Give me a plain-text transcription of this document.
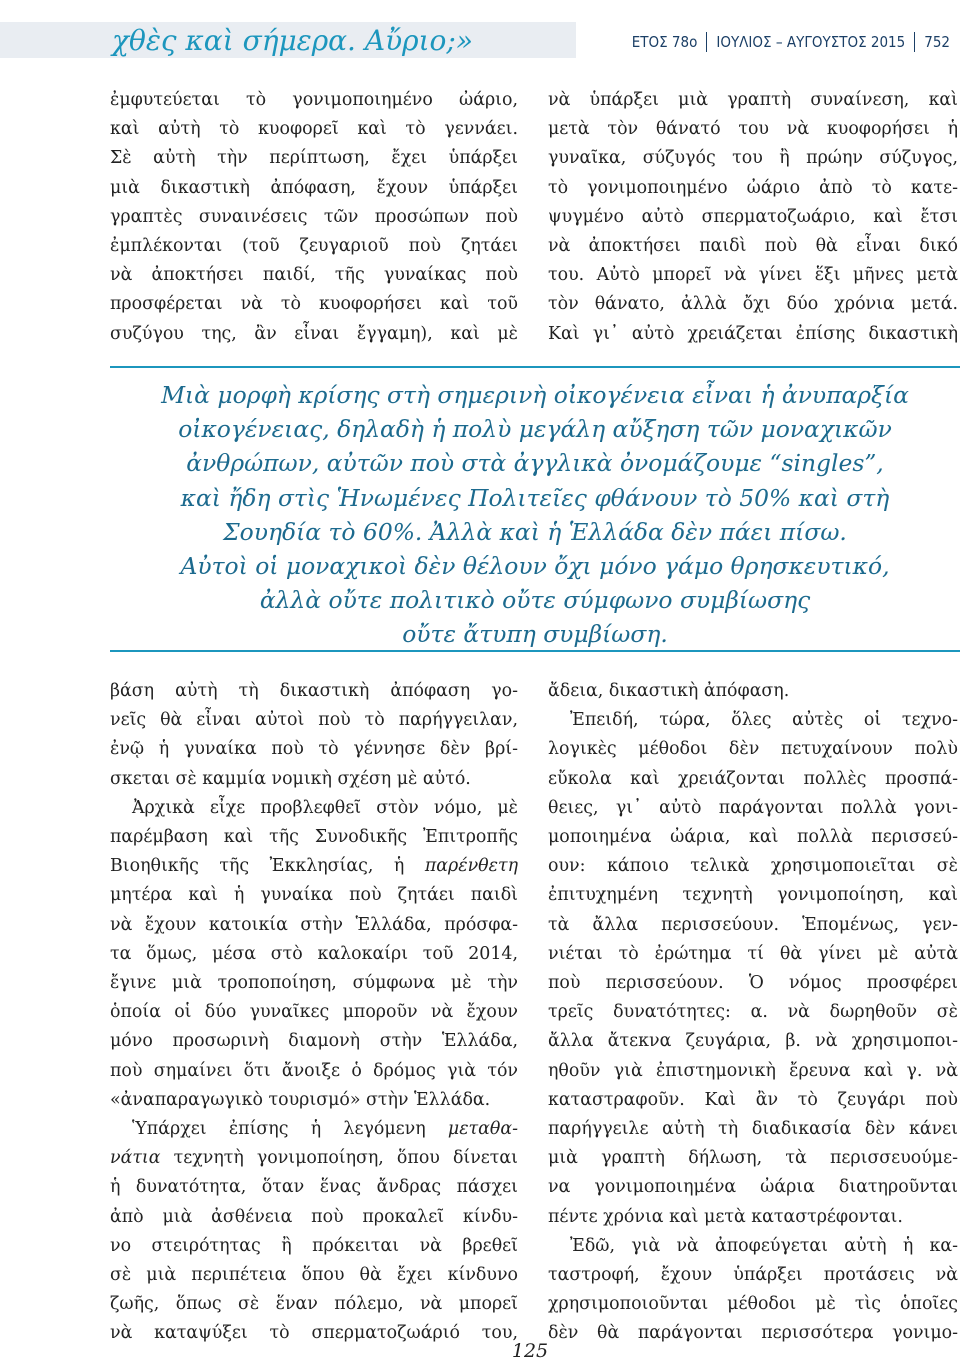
χθὲς καὶ σήμερα. Αὔριο;»	ΕΤΟΣ 78ο ΙΟΥΛΙΟΣ – ΑΥΓΟΥΣΤΟΣ 2015 752
ἐμφυτεύεται τὸ γονιμοποιημένο ὠάριο,
καὶ αὐτὴ τὸ κυοφορεῖ καὶ τὸ γεννάει.
Σὲ αὐτὴ τὴν περίπτωση, ἔχει ὑπάρξει
μιὰ δικαστικὴ ἀπόφαση, ἔχουν ὑπάρξει
γραπτὲς συναινέσεις τῶν προσώπων ποὺ
ἐμπλέκονται (τοῦ ζευγαριοῦ ποὺ ζητάει
νὰ ἀποκτήσει παιδί, τῆς γυναίκας ποὺ
προσφέρεται νὰ τὸ κυοφορήσει καὶ τοῦ
συζύγου της, ἂν εἶναι ἔγγαμη), καὶ μὲ
νὰ ὑπάρξει μιὰ γραπτὴ συναίνεση, καὶ
μετὰ τὸν θάνατό του νὰ κυοφορήσει ἡ
γυναῖκα, σύζυγός του ἢ πρώην σύζυγος,
τὸ γονιμοποιημένο ὠάριο ἀπὸ τὸ κατε-
ψυγμένο αὐτὸ σπερματοζωάριο, καὶ ἔτσι
νὰ ἀποκτήσει παιδὶ ποὺ θὰ εἶναι δικό
του. Αὐτὸ μπορεῖ νὰ γίνει ἕξι μῆνες μετὰ
τὸν θάνατο, ἀλλὰ ὄχι δύο χρόνια μετά.
Καὶ γι᾽ αὐτὸ χρειάζεται ἐπίσης δικαστικὴ
Μιὰ μορφὴ κρίσης στὴ σημερινὴ οἰκογένεια εἶναι ἡ ἀνυπαρξία
οἰκογένειας, δηλαδὴ ἡ πολὺ μεγάλη αὔξηση τῶν μοναχικῶν
ἀνθρώπων, αὐτῶν ποὺ στὰ ἀγγλικὰ ὀνομάζουμε “singles”,
καὶ ἤδη στὶς Ἡνωμένες Πολιτεῖες φθάνουν τὸ 50% καὶ στὴ
Σουηδία τὸ 60%. Ἀλλὰ καὶ ἡ Ἑλλάδα δὲν πάει πίσω.
Αὐτοὶ οἱ μοναχικοὶ δὲν θέλουν ὄχι μόνο γάμο θρησκευτικό,
ἀλλὰ οὔτε πολιτικὸ οὔτε σύμφωνο συμβίωσης
οὔτε ἄτυπη συμβίωση.
βάση αὐτὴ τὴ δικαστικὴ ἀπόφαση γο-
νεῖς θὰ εἶναι αὐτοὶ ποὺ τὸ παρήγγειλαν,
ἐνῷ ἡ γυναίκα ποὺ τὸ γέννησε δὲν βρί-
σκεται σὲ καμμία νομικὴ σχέση μὲ αὐτό.
Ἀρχικὰ εἶχε προβλεφθεῖ στὸν νόμο, μὲ
παρέμβαση καὶ τῆς Συνοδικῆς Ἐπιτροπῆς
Βιοηθικῆς τῆς Ἐκκλησίας, ἡ παρένθετη
μητέρα καὶ ἡ γυναίκα ποὺ ζητάει παιδὶ
νὰ ἔχουν κατοικία στὴν Ἑλλάδα, πρόσφα-
τα ὅμως, μέσα στὸ καλοκαίρι τοῦ 2014,
ἔγινε μιὰ τροποποίηση, σύμφωνα μὲ τὴν
ὁποία οἱ δύο γυναῖκες μποροῦν νὰ ἔχουν
μόνο προσωρινὴ διαμονὴ στὴν Ἑλλάδα,
ποὺ σημαίνει ὅτι ἄνοιξε ὁ δρόμος γιὰ τόν
«ἀναπαραγωγικὸ τουρισμό» στὴν Ἑλλάδα.
Ὑπάρχει ἐπίσης ἡ λεγόμενη μεταθα-
νάτια τεχνητὴ γονιμοποίηση, ὅπου δίνεται
ἡ δυνατότητα, ὅταν ἕνας ἄνδρας πάσχει
ἀπὸ μιὰ ἀσθένεια ποὺ προκαλεῖ κίνδυ-
νο στειρότητας ἢ πρόκειται νὰ βρεθεῖ
σὲ μιὰ περιπέτεια ὅπου θὰ ἔχει κίνδυνο
ζωῆς, ὅπως σὲ ἕναν πόλεμο, νὰ μπορεῖ
νὰ καταψύξει τὸ σπερματοζωάριό του,
ἄδεια, δικαστικὴ ἀπόφαση.
Ἐπειδή, τώρα, ὅλες αὐτὲς οἱ τεχνο-
λογικὲς μέθοδοι δὲν πετυχαίνουν πολὺ
εὔκολα καὶ χρειάζονται πολλὲς προσπά-
θειες, γι᾽ αὐτὸ παράγονται πολλὰ γονι-
μοποιημένα ὠάρια, καὶ πολλὰ περισσεύ-
ουν: κάποιο τελικὰ χρησιμοποιεῖται σὲ
ἐπιτυχημένη τεχνητὴ γονιμοποίηση, καὶ
τὰ ἄλλα περισσεύουν. Ἑπομένως, γεν-
νιέται τὸ ἐρώτημα τί θὰ γίνει μὲ αὐτὰ
ποὺ περισσεύουν. Ὁ νόμος προσφέρει
τρεῖς δυνατότητες: α. νὰ δωρηθοῦν σὲ
ἄλλα ἄτεκνα ζευγάρια, β. νὰ χρησιμοποι-
ηθοῦν γιὰ ἐπιστημονικὴ ἔρευνα καὶ γ. νὰ
καταστραφοῦν. Καὶ ἂν τὸ ζευγάρι ποὺ
παρήγγειλε αὐτὴ τὴ διαδικασία δὲν κάνει
μιὰ γραπτὴ δήλωση, τὰ περισσευούμε-
να γονιμοποιημένα ὠάρια διατηροῦνται
πέντε χρόνια καὶ μετὰ καταστρέφονται.
Ἐδῶ, γιὰ νὰ ἀποφεύγεται αὐτὴ ἡ κα-
ταστροφή, ἔχουν ὑπάρξει προτάσεις νὰ
χρησιμοποιοῦνται μέθοδοι μὲ τὶς ὁποῖες
δὲν θὰ παράγονται περισσότερα γονιμο-
125
